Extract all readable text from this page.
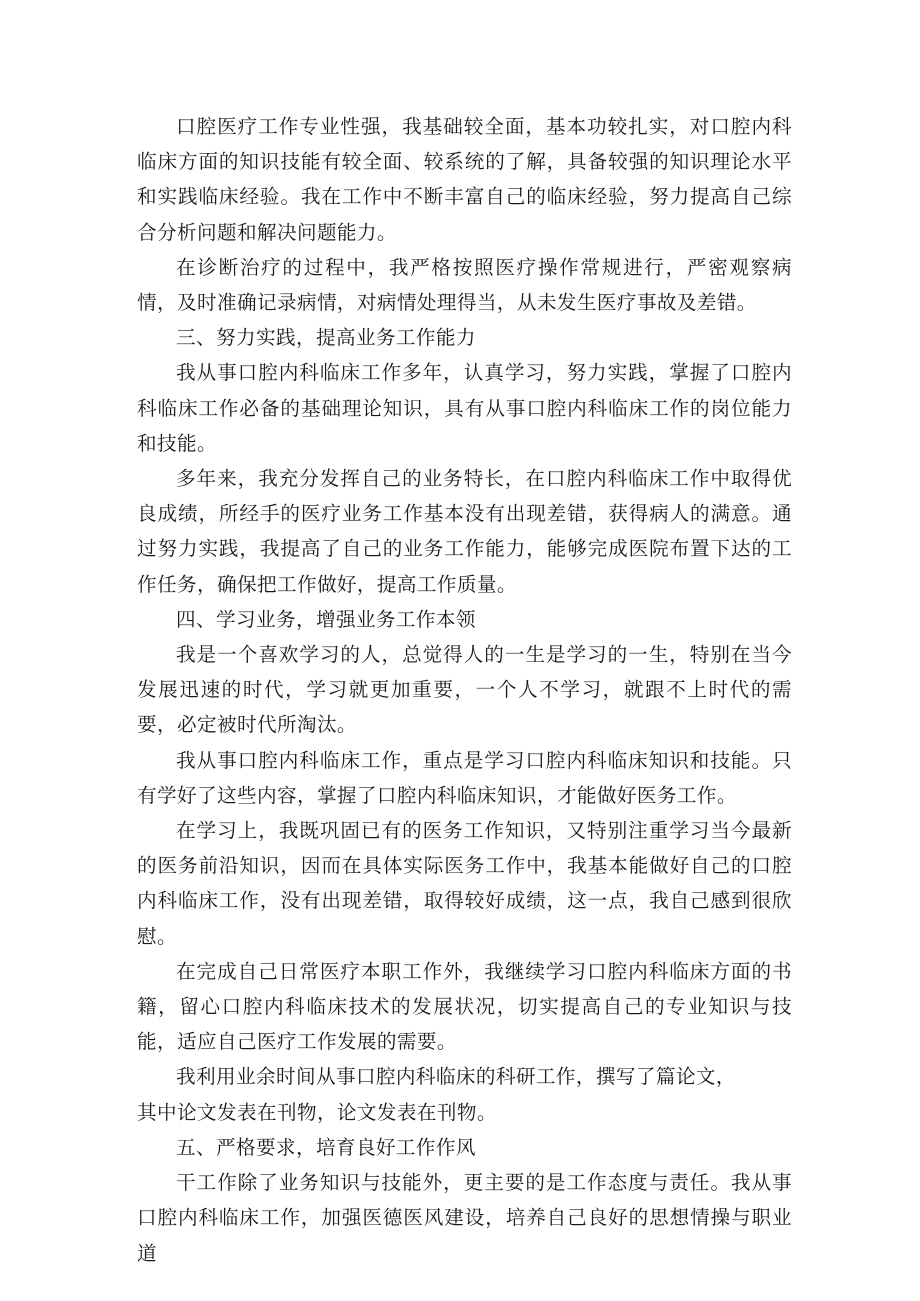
口腔医疗工作专业性强，我基础较全面，基本功较扎实，对口腔内科临床方面的知识技能有较全面、较系统的了解，具备较强的知识理论水平和实践临床经验。我在工作中不断丰富自己的临床经验，努力提高自己综合分析问题和解决问题能力。

在诊断治疗的过程中，我严格按照医疗操作常规进行，严密观察病情，及时准确记录病情，对病情处理得当，从未发生医疗事故及差错。

三、努力实践，提高业务工作能力

我从事口腔内科临床工作多年，认真学习，努力实践，掌握了口腔内科临床工作必备的基础理论知识，具有从事口腔内科临床工作的岗位能力和技能。

多年来，我充分发挥自己的业务特长，在口腔内科临床工作中取得优良成绩，所经手的医疗业务工作基本没有出现差错，获得病人的满意。通过努力实践，我提高了自己的业务工作能力，能够完成医院布置下达的工作任务，确保把工作做好，提高工作质量。

四、学习业务，增强业务工作本领

我是一个喜欢学习的人，总觉得人的一生是学习的一生，特别在当今发展迅速的时代，学习就更加重要，一个人不学习，就跟不上时代的需要，必定被时代所淘汰。

我从事口腔内科临床工作，重点是学习口腔内科临床知识和技能。只有学好了这些内容，掌握了口腔内科临床知识，才能做好医务工作。

在学习上，我既巩固已有的医务工作知识，又特别注重学习当今最新的医务前沿知识，因而在具体实际医务工作中，我基本能做好自己的口腔内科临床工作，没有出现差错，取得较好成绩，这一点，我自己感到很欣慰。

在完成自己日常医疗本职工作外，我继续学习口腔内科临床方面的书籍，留心口腔内科临床技术的发展状况，切实提高自己的专业知识与技能，适应自己医疗工作发展的需要。

我利用业余时间从事口腔内科临床的科研工作，撰写了篇论文，
其中论文发表在刊物，论文发表在刊物。

五、严格要求，培育良好工作作风

干工作除了业务知识与技能外，更主要的是工作态度与责任。我从事口腔内科临床工作，加强医德医风建设，培养自己良好的思想情操与职业道
